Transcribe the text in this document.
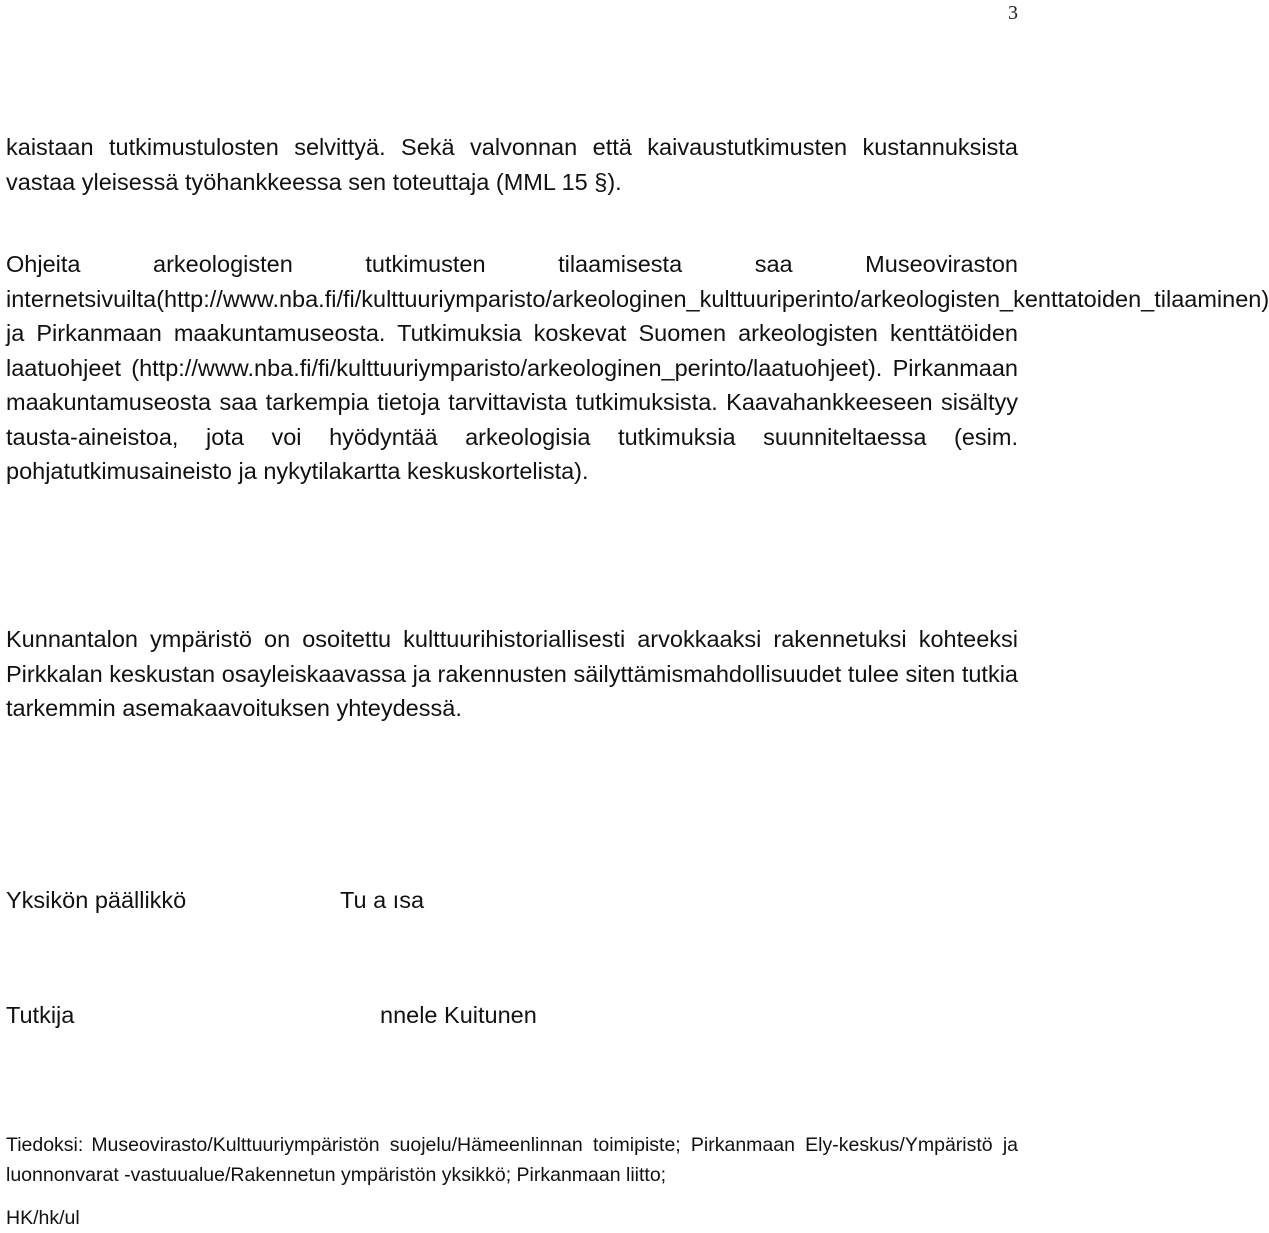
3

kaistaan tutkimustulosten selvittyä. Sekä valvonnan että kaivaustutkimusten kustannuksista vastaa yleisessä työhankkeessa sen toteuttaja (MML 15 §).

Ohjeita arkeologisten tutkimusten tilaamisesta saa Museoviraston internetsivuilta(http://www.nba.fi/fi/kulttuuriymparisto/arkeologinen_kulttuuriperinto/arkeologisten_kenttatoiden_tilaaminen) ja Pirkanmaan maakuntamuseosta. Tutkimuksia koskevat Suomen arkeologisten kenttätöiden laatuohjeet (http://www.nba.fi/fi/kulttuuriymparisto/arkeologinen_perinto/laatuohjeet). Pirkanmaan maakuntamuseosta saa tarkempia tietoja tarvittavista tutkimuksista. Kaavahankkeeseen sisältyy tausta-aineistoa, jota voi hyödyntää arkeologisia tutkimuksia suunniteltaessa (esim. pohjatutkimusaineisto ja nykytilakartta keskuskortelista).

Kunnantalon ympäristö on osoitettu kulttuurihistoriallisesti arvokkaaksi rakennetuksi kohteeksi Pirkkalan keskustan osayleiskaavassa ja rakennusten säilyttämismahdollisuudet tulee siten tutkia tarkemmin asemakaavoituksen yhteydessä.

Yksikön päällikkö	Tu a ısa
Tutkija	nnele Kuitunen

Tiedoksi: Museovirasto/Kulttuuriympäristön suojelu/Hämeenlinnan toimipiste; Pirkanmaan Ely-keskus/Ympäristö ja luonnonvarat -vastuualue/Rakennetun ympäristön yksikkö; Pirkanmaan liitto;

HK/hk/ul
